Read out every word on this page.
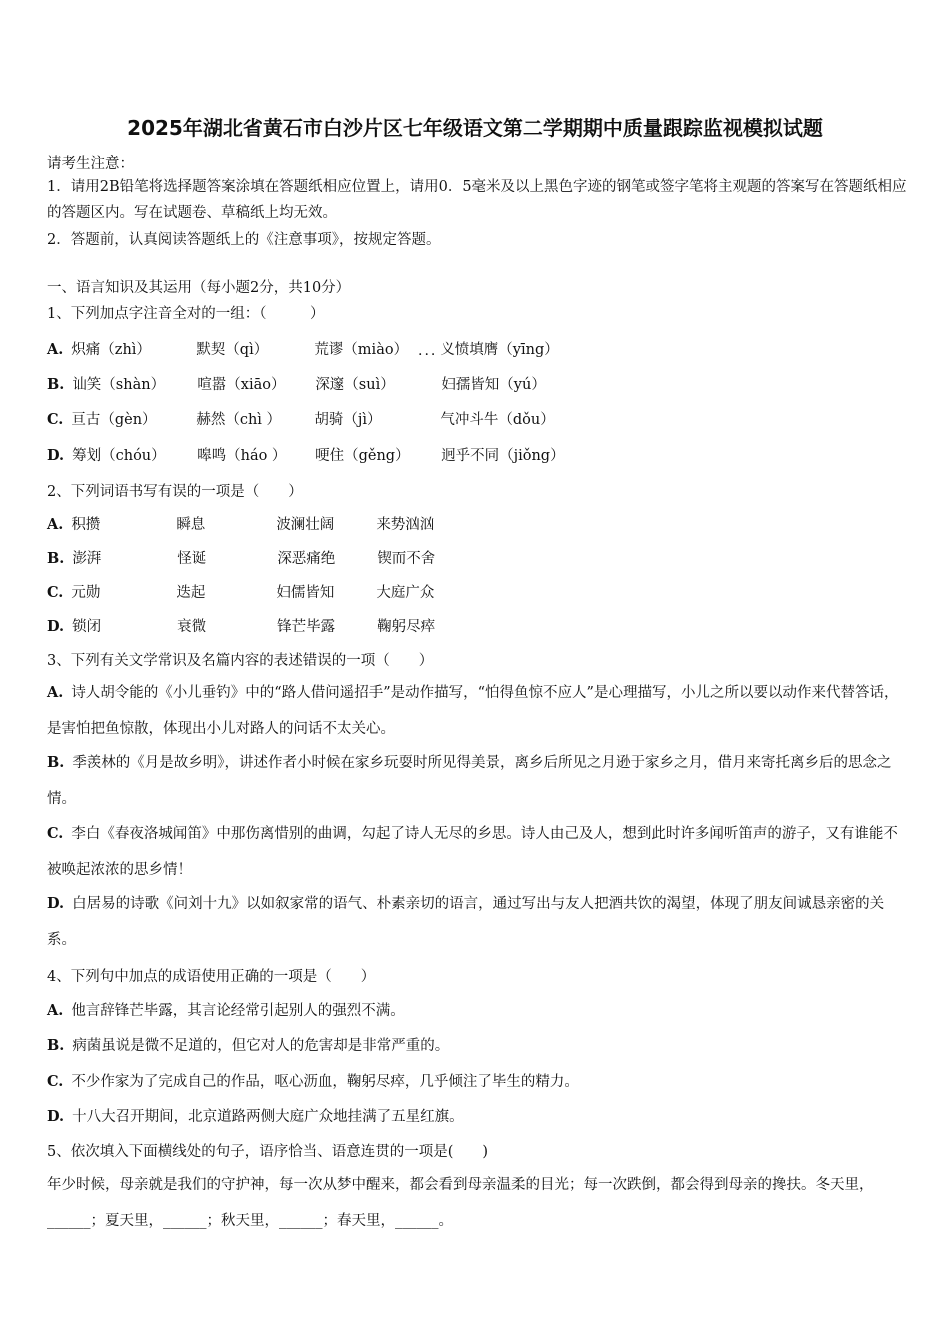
2025年湖北省黄石市白沙片区七年级语文第二学期期中质量跟踪监视模拟试题
请考生注意：
1．请用2B铅笔将选择题答案涂填在答题纸相应位置上，请用0．5毫米及以上黑色字迹的钢笔或签字笔将主观题的答案写在答题纸相应的答题区内。写在试题卷、草稿纸上均无效。
2．答题前，认真阅读答题纸上的《注意事项》，按规定答题。
一、语言知识及其运用（每小题2分，共10分）
1、下列加点字注音全对的一组：（　　　）
...
A. 炽痛（zhì）	默契（qì）	荒谬（miào） 义愤填膺（yīng）
B. 讪笑（shàn） 喧嚣（xiāo） 深邃（suì）	妇孺皆知（yú）
C. 亘古（gèn）	赫然（chì ） 胡骑（jì）	气冲斗牛（dǒu）
D. 筹划（chóu） 嗥鸣（háo ） 哽住（gěng） 迥乎不同（jiǒng）
2、下列词语书写有误的一项是（　　）
A. 积攒	瞬息	波澜壮阔	来势汹汹
B. 澎湃	怪诞	深恶痛绝	锲而不舍
C. 元勋	迭起	妇儒皆知	大庭广众
D. 锁闭	衰微	锋芒毕露	鞠躬尽瘁
3、下列有关文学常识及名篇内容的表述错误的一项（　　）
A. 诗人胡令能的《小儿垂钓》中的“路人借问遥招手”是动作描写，“怕得鱼惊不应人”是心理描写，小儿之所以要以动作来代替答话，是害怕把鱼惊散，体现出小儿对路人的问话不太关心。
B. 季羡林的《月是故乡明》，讲述作者小时候在家乡玩耍时所见得美景，离乡后所见之月逊于家乡之月，借月来寄托离乡后的思念之情。
C. 李白《春夜洛城闻笛》中那伤离惜别的曲调，勾起了诗人无尽的乡思。诗人由己及人，想到此时许多闻听笛声的游子，又有谁能不被唤起浓浓的思乡情！
D. 白居易的诗歌《问刘十九》以如叙家常的语气、朴素亲切的语言，通过写出与友人把酒共饮的渴望，体现了朋友间诚恳亲密的关系。
4、下列句中加点的成语使用正确的一项是（　　）
A. 他言辞锋芒毕露，其言论经常引起别人的强烈不满。
B. 病菌虽说是微不足道的，但它对人的危害却是非常严重的。
C. 不少作家为了完成自己的作品，呕心沥血，鞠躬尽瘁，几乎倾注了毕生的精力。
D. 十八大召开期间，北京道路两侧大庭广众地挂满了五星红旗。
5、依次填入下面横线处的句子，语序恰当、语意连贯的一项是(　　)
年少时候，母亲就是我们的守护神，每一次从梦中醒来，都会看到母亲温柔的目光；每一次跌倒，都会得到母亲的搀扶。冬天里，______；夏天里，______；秋天里，______；春天里，______。
